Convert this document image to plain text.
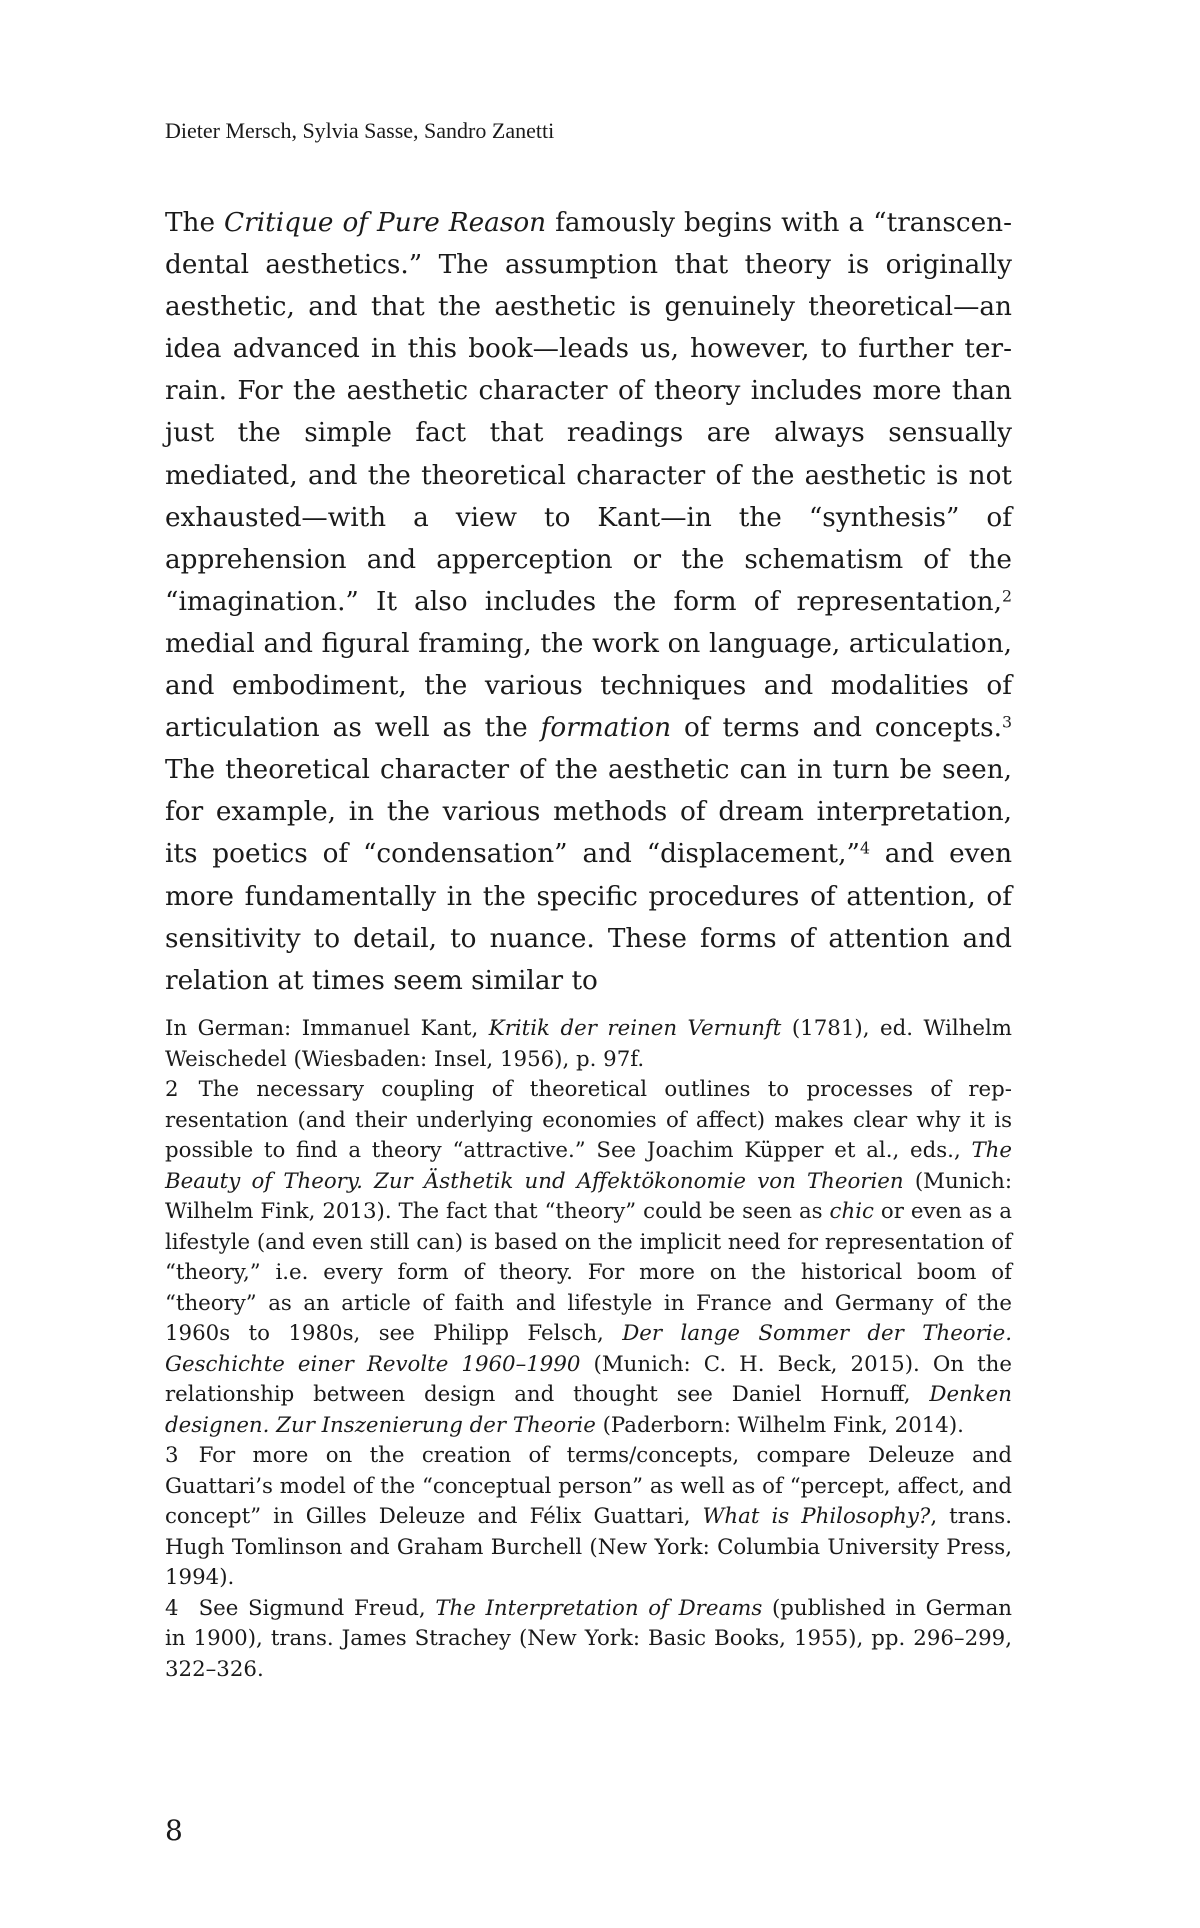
Dieter Mersch, Sylvia Sasse, Sandro Zanetti

The Critique of Pure Reason famously begins with a “transcendental aesthetics.” The assumption that theory is originally aesthetic, and that the aesthetic is genuinely theoretical—an idea advanced in this book—leads us, however, to further terrain. For the aesthetic character of theory includes more than just the simple fact that readings are always sensually mediated, and the theoretical character of the aesthetic is not exhausted—with a view to Kant—in the “synthesis” of apprehension and apperception or the schematism of the “imagination.” It also includes the form of representation,$^2$ medial and figural framing, the work on language, articulation, and embodiment, the various techniques and modalities of articulation as well as the formation of terms and concepts.$^3$ The theoretical character of the aesthetic can in turn be seen, for example, in the various methods of dream interpretation, its poetics of “condensation” and “displacement,”$^4$ and even more fundamentally in the specific procedures of attention, of sensitivity to detail, to nuance. These forms of attention and relation at times seem similar to

In German: Immanuel Kant, Kritik der reinen Vernunft (1781), ed. Wilhelm Weischedel (Wiesbaden: Insel, 1956), p. 97f.

2 The necessary coupling of theoretical outlines to processes of representation (and their underlying economies of affect) makes clear why it is possible to find a theory “attractive.” See Joachim Küpper et al., eds., The Beauty of Theory. Zur Ästhetik und Affektökonomie von Theorien (Munich: Wilhelm Fink, 2013). The fact that “theory” could be seen as chic or even as a lifestyle (and even still can) is based on the implicit need for representation of “theory,” i.e. every form of theory. For more on the historical boom of “theory” as an article of faith and lifestyle in France and Germany of the 1960s to 1980s, see Philipp Felsch, Der lange Sommer der Theorie. Geschichte einer Revolte 1960–1990 (Munich: C. H. Beck, 2015). On the relationship between design and thought see Daniel Hornuff, Denken designen. Zur Inszenierung der Theorie (Paderborn: Wilhelm Fink, 2014).

3 For more on the creation of terms/concepts, compare Deleuze and Guattari’s model of the “conceptual person” as well as of “percept, affect, and concept” in Gilles Deleuze and Félix Guattari, What is Philosophy?, trans. Hugh Tomlinson and Graham Burchell (New York: Columbia University Press, 1994).

4 See Sigmund Freud, The Interpretation of Dreams (published in German in 1900), trans. James Strachey (New York: Basic Books, 1955), pp. 296–299, 322–326.

8
